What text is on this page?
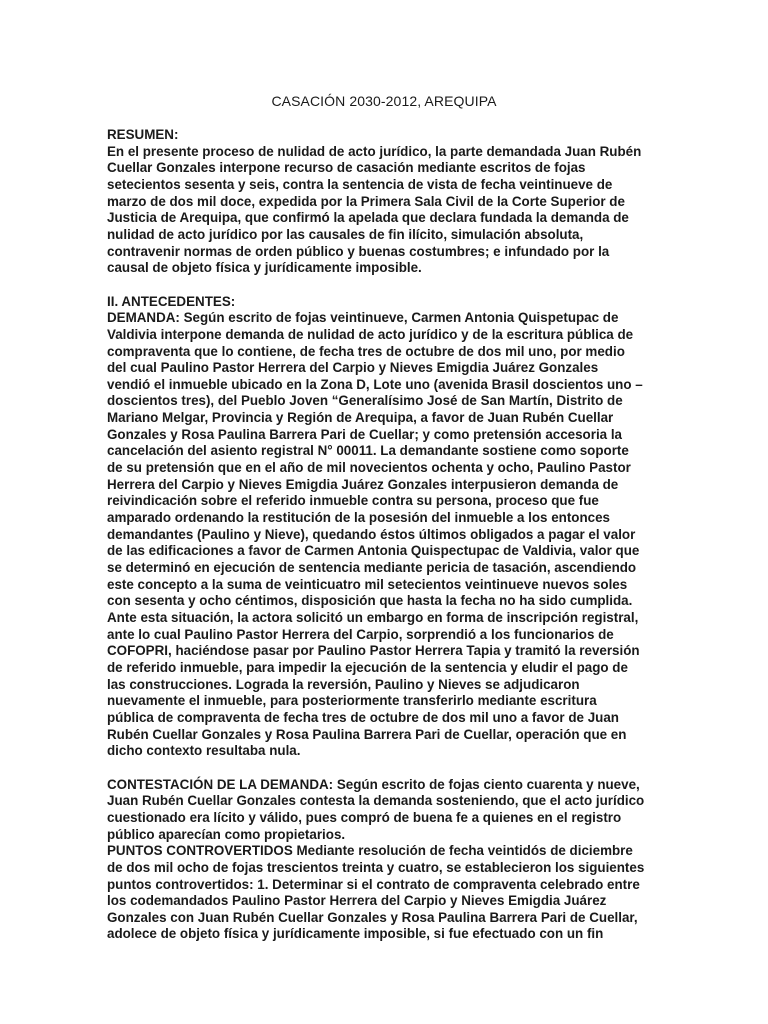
CASACIÓN 2030-2012, AREQUIPA
RESUMEN:
En el presente proceso de nulidad de acto jurídico, la parte demandada Juan Rubén
Cuellar Gonzales interpone recurso de casación mediante escritos de fojas
setecientos sesenta y seis, contra la sentencia de vista de fecha veintinueve de
marzo de dos mil doce, expedida por la Primera Sala Civil de la Corte Superior de
Justicia de Arequipa, que confirmó la apelada que declara fundada la demanda de
nulidad de acto jurídico por las causales de fin ilícito, simulación absoluta,
contravenir normas de orden público y buenas costumbres; e infundado por la
causal de objeto física y jurídicamente imposible.
II. ANTECEDENTES:
DEMANDA: Según escrito de fojas veintinueve, Carmen Antonia Quispetupac de
Valdivia interpone demanda de nulidad de acto jurídico y de la escritura pública de
compraventa que lo contiene, de fecha tres de octubre de dos mil uno, por medio
del cual Paulino Pastor Herrera del Carpio y Nieves Emigdia Juárez Gonzales
vendió el inmueble ubicado en la Zona D, Lote uno (avenida Brasil doscientos uno –
doscientos tres), del Pueblo Joven “Generalísimo José de San Martín, Distrito de
Mariano Melgar, Provincia y Región de Arequipa, a favor de Juan Rubén Cuellar
Gonzales y Rosa Paulina Barrera Pari de Cuellar; y como pretensión accesoria la
cancelación del asiento registral N° 00011. La demandante sostiene como soporte
de su pretensión que en el año de mil novecientos ochenta y ocho, Paulino Pastor
Herrera del Carpio y Nieves Emigdia Juárez Gonzales interpusieron demanda de
reivindicación sobre el referido inmueble contra su persona, proceso que fue
amparado ordenando la restitución de la posesión del inmueble a los entonces
demandantes (Paulino y Nieve), quedando éstos últimos obligados a pagar el valor
de las edificaciones a favor de Carmen Antonia Quispectupac de Valdivia, valor que
se determinó en ejecución de sentencia mediante pericia de tasación, ascendiendo
este concepto a la suma de veinticuatro mil setecientos veintinueve nuevos soles
con sesenta y ocho céntimos, disposición que hasta la fecha no ha sido cumplida.
Ante esta situación, la actora solicitó un embargo en forma de inscripción registral,
ante lo cual Paulino Pastor Herrera del Carpio, sorprendió a los funcionarios de
COFOPRI, haciéndose pasar por Paulino Pastor Herrera Tapia y tramitó la reversión
de referido inmueble, para impedir la ejecución de la sentencia y eludir el pago de
las construcciones. Lograda la reversión, Paulino y Nieves se adjudicaron
nuevamente el inmueble, para posteriormente transferirlo mediante escritura
pública de compraventa de fecha tres de octubre de dos mil uno a favor de Juan
Rubén Cuellar Gonzales y Rosa Paulina Barrera Pari de Cuellar, operación que en
dicho contexto resultaba nula.
CONTESTACIÓN DE LA DEMANDA: Según escrito de fojas ciento cuarenta y nueve,
Juan Rubén Cuellar Gonzales contesta la demanda sosteniendo, que el acto jurídico
cuestionado era lícito y válido, pues compró de buena fe a quienes en el registro
público aparecían como propietarios.
PUNTOS CONTROVERTIDOS Mediante resolución de fecha veintidós de diciembre
de dos mil ocho de fojas trescientos treinta y cuatro, se establecieron los siguientes
puntos controvertidos: 1. Determinar si el contrato de compraventa celebrado entre
los codemandados Paulino Pastor Herrera del Carpio y Nieves Emigdia Juárez
Gonzales con Juan Rubén Cuellar Gonzales y Rosa Paulina Barrera Pari de Cuellar,
adolece de objeto física y jurídicamente imposible, si fue efectuado con un fin
